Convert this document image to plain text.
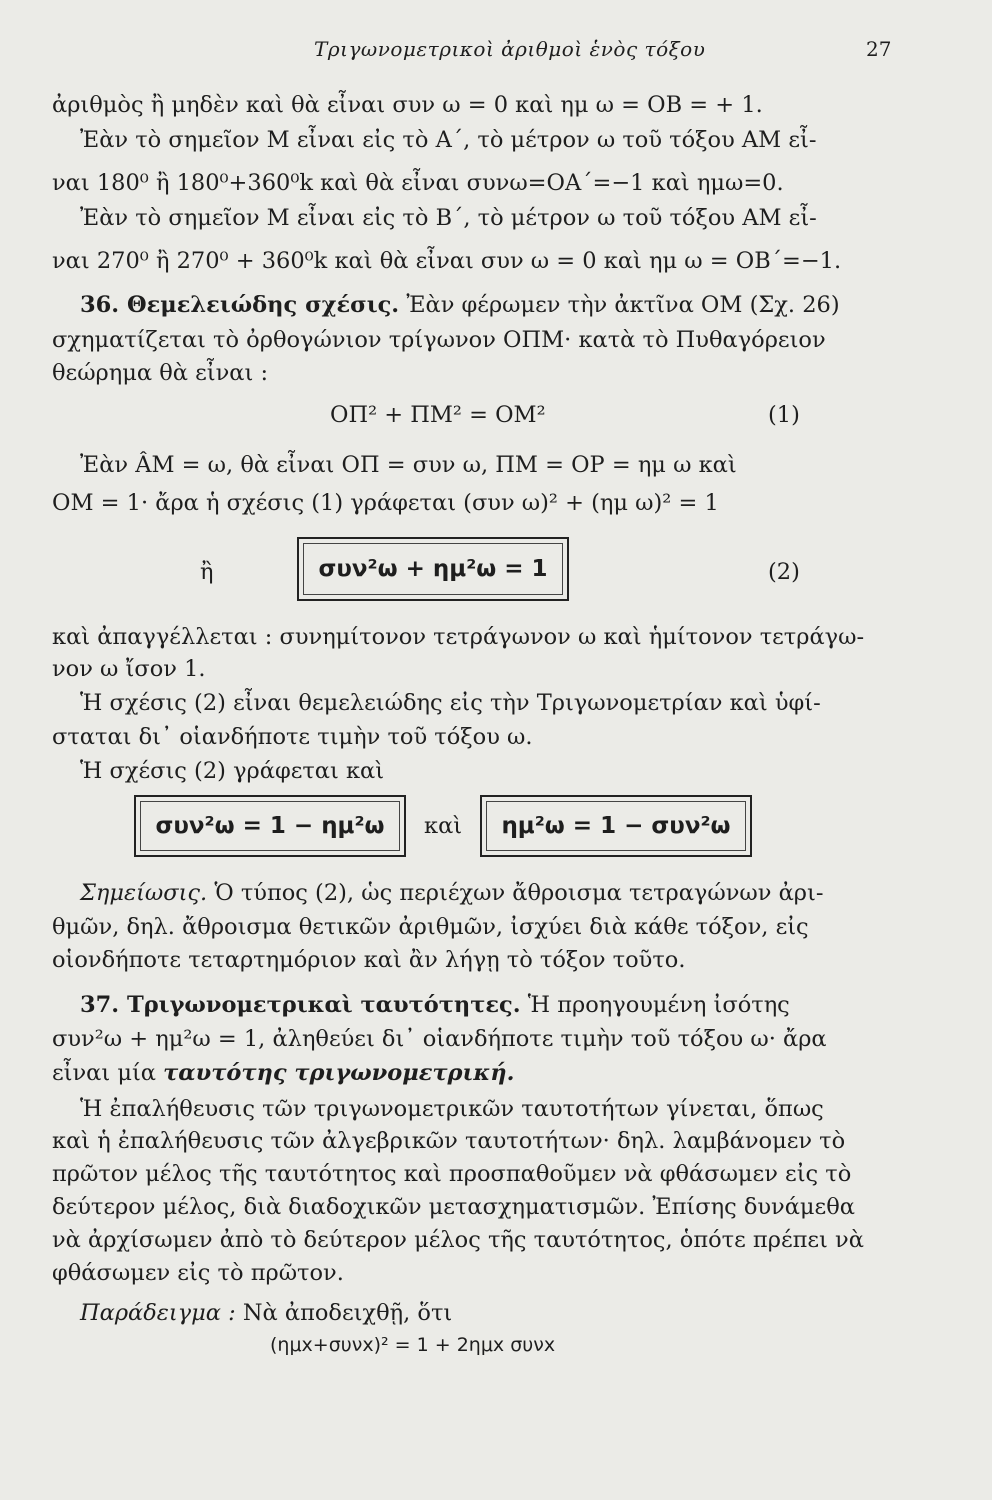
Τριγωνομετρικοὶ ἀριθμοὶ ἑνὸς τόξου	27
ἀριθμὸς ἢ μηδὲν καὶ θὰ εἶναι συν ω = 0 καὶ ημ ω = OB = + 1.
Ἐὰν τὸ σημεῖον M εἶναι εἰς τὸ A΄, τὸ μέτρον ω τοῦ τόξου AM εἶ-
ναι 180⁰ ἢ 180⁰+360⁰k καὶ θὰ εἶναι συνω=OA΄=−1 καὶ ημω=0.
Ἐὰν τὸ σημεῖον M εἶναι εἰς τὸ B΄, τὸ μέτρον ω τοῦ τόξου AM εἶ-
ναι 270⁰ ἢ 270⁰ + 360⁰k καὶ θὰ εἶναι συν ω = 0 καὶ ημ ω = OB΄=−1.
36. Θεμελειώδης σχέσις. Ἐὰν φέρωμεν τὴν ἀκτῖνα OM (Σχ. 26)
σχηματίζεται τὸ ὀρθογώνιον τρίγωνον ΟΠΜ· κατὰ τὸ Πυθαγόρειον
θεώρημα θὰ εἶναι :
ΟΠ² + ΠΜ² = ΟΜ²	(1)
Ἐὰν ÂM = ω, θὰ εἶναι ΟΠ = συν ω, ΠΜ = ΟΡ = ημ ω καὶ
ΟΜ = 1· ἄρα ἡ σχέσις (1) γράφεται (συν ω)² + (ημ ω)² = 1
ἢ	συν²ω + ημ²ω = 1	(2)
καὶ ἀπαγγέλλεται : συνημίτονον τετράγωνον ω καὶ ἡμίτονον τετράγω-
νον ω ἴσον 1.
Ἡ σχέσις (2) εἶναι θεμελειώδης εἰς τὴν Τριγωνομετρίαν καὶ ὑφί-
σταται δι᾽ οἱανδήποτε τιμὴν τοῦ τόξου ω.
Ἡ σχέσις (2) γράφεται καὶ
συν²ω = 1 − ημ²ω καὶ ημ²ω = 1 − συν²ω
Σημείωσις. Ὁ τύπος (2), ὡς περιέχων ἄθροισμα τετραγώνων ἀρι-
θμῶν, δηλ. ἄθροισμα θετικῶν ἀριθμῶν, ἰσχύει διὰ κάθε τόξον, εἰς
οἱονδήποτε τεταρτημόριον καὶ ἂν λήγῃ τὸ τόξον τοῦτο.
37. Τριγωνομετρικαὶ ταυτότητες. Ἡ προηγουμένη ἰσότης
συν²ω + ημ²ω = 1, ἀληθεύει δι᾽ οἱανδήποτε τιμὴν τοῦ τόξου ω· ἄρα
εἶναι μία ταυτότης τριγωνομετρική.
Ἡ ἐπαλήθευσις τῶν τριγωνομετρικῶν ταυτοτήτων γίνεται, ὅπως
καὶ ἡ ἐπαλήθευσις τῶν ἀλγεβρικῶν ταυτοτήτων· δηλ. λαμβάνομεν τὸ
πρῶτον μέλος τῆς ταυτότητος καὶ προσπαθοῦμεν νὰ φθάσωμεν εἰς τὸ
δεύτερον μέλος, διὰ διαδοχικῶν μετασχηματισμῶν. Ἐπίσης δυνάμεθα
νὰ ἀρχίσωμεν ἀπὸ τὸ δεύτερον μέλος τῆς ταυτότητος, ὁπότε πρέπει νὰ
φθάσωμεν εἰς τὸ πρῶτον.
Παράδειγμα : Νὰ ἀποδειχθῇ, ὅτι
(ημx+συνx)² = 1 + 2ημx συνx
